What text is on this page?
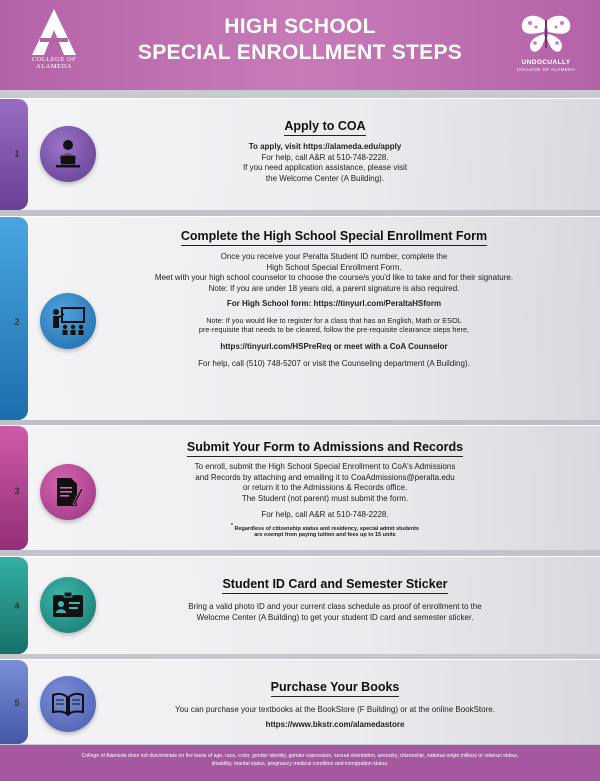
COLLEGE OF
ALAMEDA
HIGH SCHOOL
SPECIAL ENROLLMENT STEPS	UNDOCUALLY
COLLEGE OF ALAMEDA
1
Apply to COA
To apply, visit https://alameda.edu/apply
For help, call A&R at 510-748-2228.
If you need application assistance, please visit
the Welcome Center (A Building).
2
Complete the High School Special Enrollment Form
Once you receive your Peralta Student ID number, complete the
High School Special Enrollment Form.
Meet with your high school counselor to choose the course/s you'd like to take and for their signature.
Note: If you are under 18 years old, a parent signature is also required.
For High School form: https://tinyurl.com/PeraltaHSform
Note: If you would like to register for a class that has an English, Math or ESOL
pre-requisite that needs to be cleared, follow the pre-requisite clearance steps here,
https://tinyurl.com/HSPreReq or meet with a CoA Counselor
For help, call (510) 748-5207 or visit the Counseling department (A Building).
3
Submit Your Form to Admissions and Records
To enroll, submit the High School Special Enrollment to CoA's Admissions
and Records by attaching and emailing it to CoaAdmissions@peralta.edu
or return it to the Admissions & Records office.
The Student (not parent) must submit the form.
For help, call A&R at 510-748-2228.
* Regardless of citizenship status and residency, special admit students
are exempt from paying tuition and fees up to 15 units
4
Student ID Card and Semester Sticker
Bring a valid photo ID and your current class schedule as proof of enrollment to the
Welocme Center (A Building) to get your student ID card and semester sticker.
5
Purchase Your Books
You can purchase your textbooks at the BookStore (F Building) or at the online BookStore.
https://www.bkstr.com/alamedastore
College of Alameda does not discriminate on the basis of age, race, color, gender identity, gender expression, sexual orientation, ancestry, citizenship, national origin military or veteran status,
disability, marital status, pregnancy medical condition and immigration status.
